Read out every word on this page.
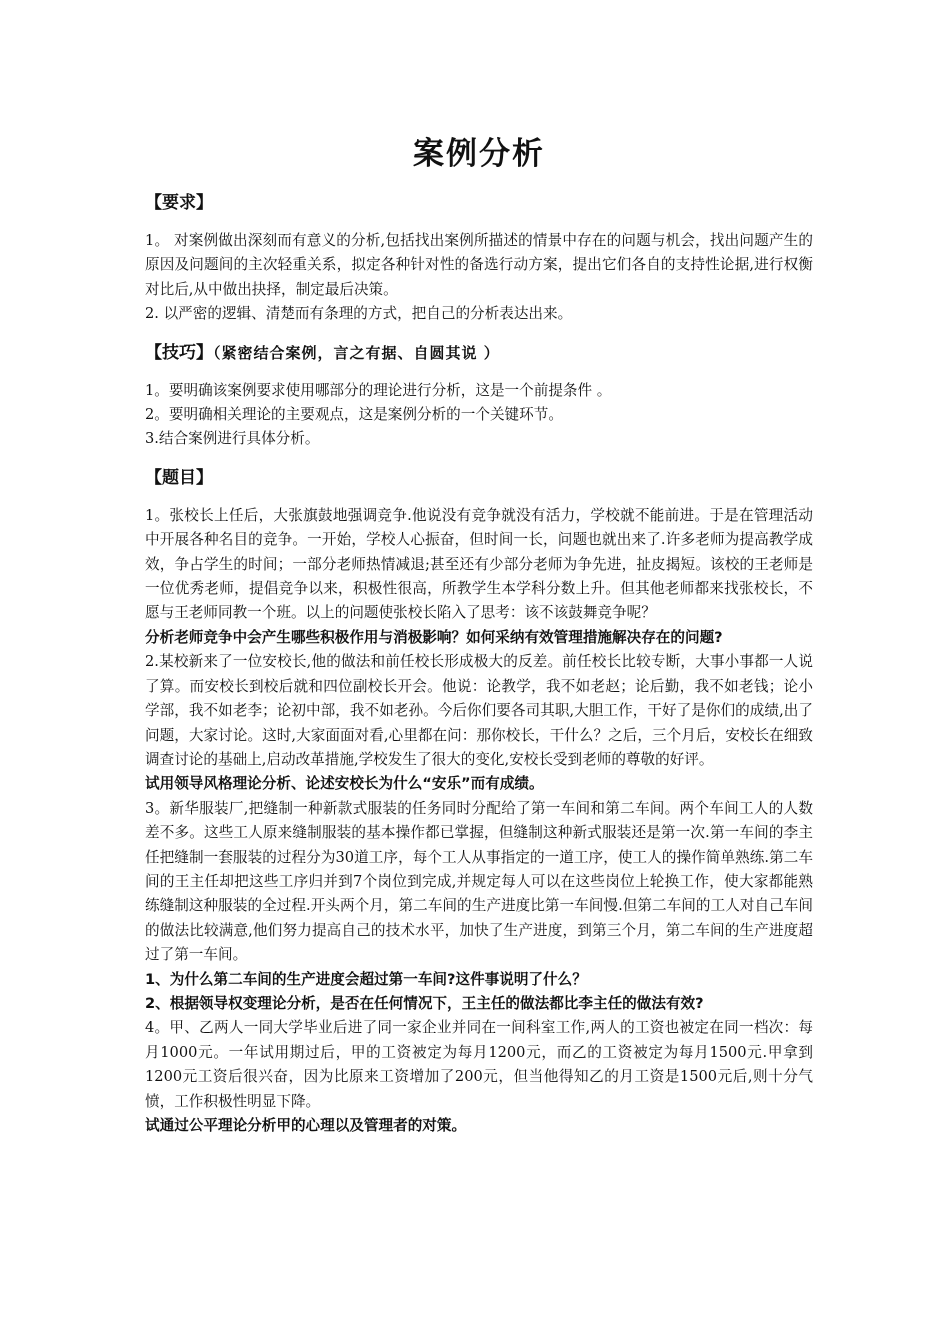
案例分析
【要求】

1。 对案例做出深刻而有意义的分析,包括找出案例所描述的情景中存在的问题与机会，找出问题产生的原因及问题间的主次轻重关系，拟定各种针对性的备选行动方案，提出它们各自的支持性论据,进行权衡对比后,从中做出抉择，制定最后决策。

2. 以严密的逻辑、清楚而有条理的方式，把自己的分析表达出来。

【技巧】（紧密结合案例，言之有据、自圆其说 ）

1。要明确该案例要求使用哪部分的理论进行分析，这是一个前提条件 。

2。要明确相关理论的主要观点，这是案例分析的一个关键环节。

3.结合案例进行具体分析。

【题目】

1。张校长上任后，大张旗鼓地强调竞争.他说没有竞争就没有活力，学校就不能前进。于是在管理活动中开展各种名目的竞争。一开始，学校人心振奋，但时间一长，问题也就出来了.许多老师为提高教学成效，争占学生的时间；一部分老师热情减退;甚至还有少部分老师为争先进，扯皮揭短。该校的王老师是一位优秀老师，提倡竞争以来，积极性很高，所教学生本学科分数上升。但其他老师都来找张校长，不愿与王老师同教一个班。以上的问题使张校长陷入了思考：该不该鼓舞竞争呢？

分析老师竞争中会产生哪些积极作用与消极影响？如何采纳有效管理措施解决存在的问题?

2.某校新来了一位安校长,他的做法和前任校长形成极大的反差。前任校长比较专断，大事小事都一人说了算。而安校长到校后就和四位副校长开会。他说：论教学，我不如老赵；论后勤，我不如老钱；论小学部，我不如老李；论初中部，我不如老孙。今后你们要各司其职,大胆工作，干好了是你们的成绩,出了问题，大家讨论。这时,大家面面对看,心里都在问：那你校长，干什么？之后，三个月后，安校长在细致调查讨论的基础上,启动改革措施,学校发生了很大的变化,安校长受到老师的尊敬的好评。

试用领导风格理论分析、论述安校长为什么“安乐”而有成绩。

3。新华服装厂,把缝制一种新款式服装的任务同时分配给了第一车间和第二车间。两个车间工人的人数差不多。这些工人原来缝制服装的基本操作都已掌握，但缝制这种新式服装还是第一次.第一车间的李主任把缝制一套服装的过程分为30道工序，每个工人从事指定的一道工序，使工人的操作简单熟练.第二车间的王主任却把这些工序归并到7个岗位到完成,并规定每人可以在这些岗位上轮换工作，使大家都能熟练缝制这种服装的全过程.开头两个月，第二车间的生产进度比第一车间慢.但第二车间的工人对自己车间的做法比较满意,他们努力提高自己的技术水平，加快了生产进度，到第三个月，第二车间的生产进度超过了第一车间。

1、为什么第二车间的生产进度会超过第一车间?这件事说明了什么？

2、根据领导权变理论分析，是否在任何情况下，王主任的做法都比李主任的做法有效?

4。甲、乙两人一同大学毕业后进了同一家企业并同在一间科室工作,两人的工资也被定在同一档次：每月1000元。一年试用期过后，甲的工资被定为每月1200元，而乙的工资被定为每月1500元.甲拿到1200元工资后很兴奋，因为比原来工资增加了200元，但当他得知乙的月工资是1500元后,则十分气愤，工作积极性明显下降。

试通过公平理论分析甲的心理以及管理者的对策。
